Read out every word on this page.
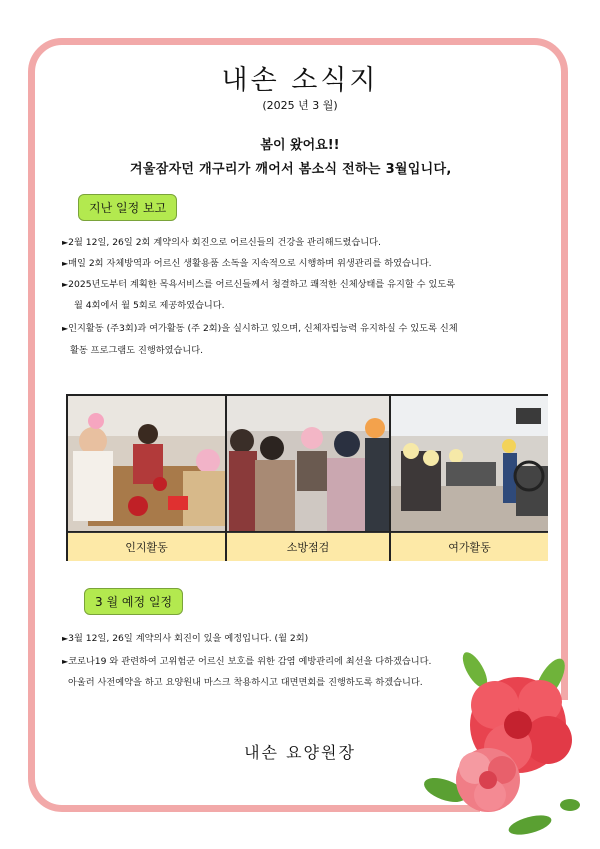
내손 소식지
(2025 년 3 월)
봄이 왔어요!!
겨울잠자던 개구리가 깨어서 봄소식 전하는 3월입니다,
지난 일정 보고
►2월 12일, 26일 2회 계약의사 회진으로 어르신들의 건강을 관리해드렸습니다.
►매일 2회 자체방역과 어르신 생활용품 소독을 지속적으로 시행하며 위생관리를 하였습니다.
►2025년도부터 계획한 목욕서비스를 어르신들께서 청결하고 쾌적한 신체상태를 유지할 수 있도록
월 4회에서 월 5회로 제공하였습니다.
►인지활동 (주3회)과 여가활동 (주 2회)을 실시하고 있으며, 신체자립능력 유지하실 수 있도록 신체
활동 프로그램도 진행하였습니다.
인지활동	소방점검	여가활동
3 월 예정 일정
►3월 12일, 26일 계약의사 회진이 있을 예정입니다. (월 2회)
►코로나19 와 관련하여 고위험군 어르신 보호를 위한 감염 예방관리에 최선을 다하겠습니다.
아울러 사전예약을 하고 요양원내 마스크 착용하시고 대면면회를 진행하도록 하겠습니다.
내손 요양원장
